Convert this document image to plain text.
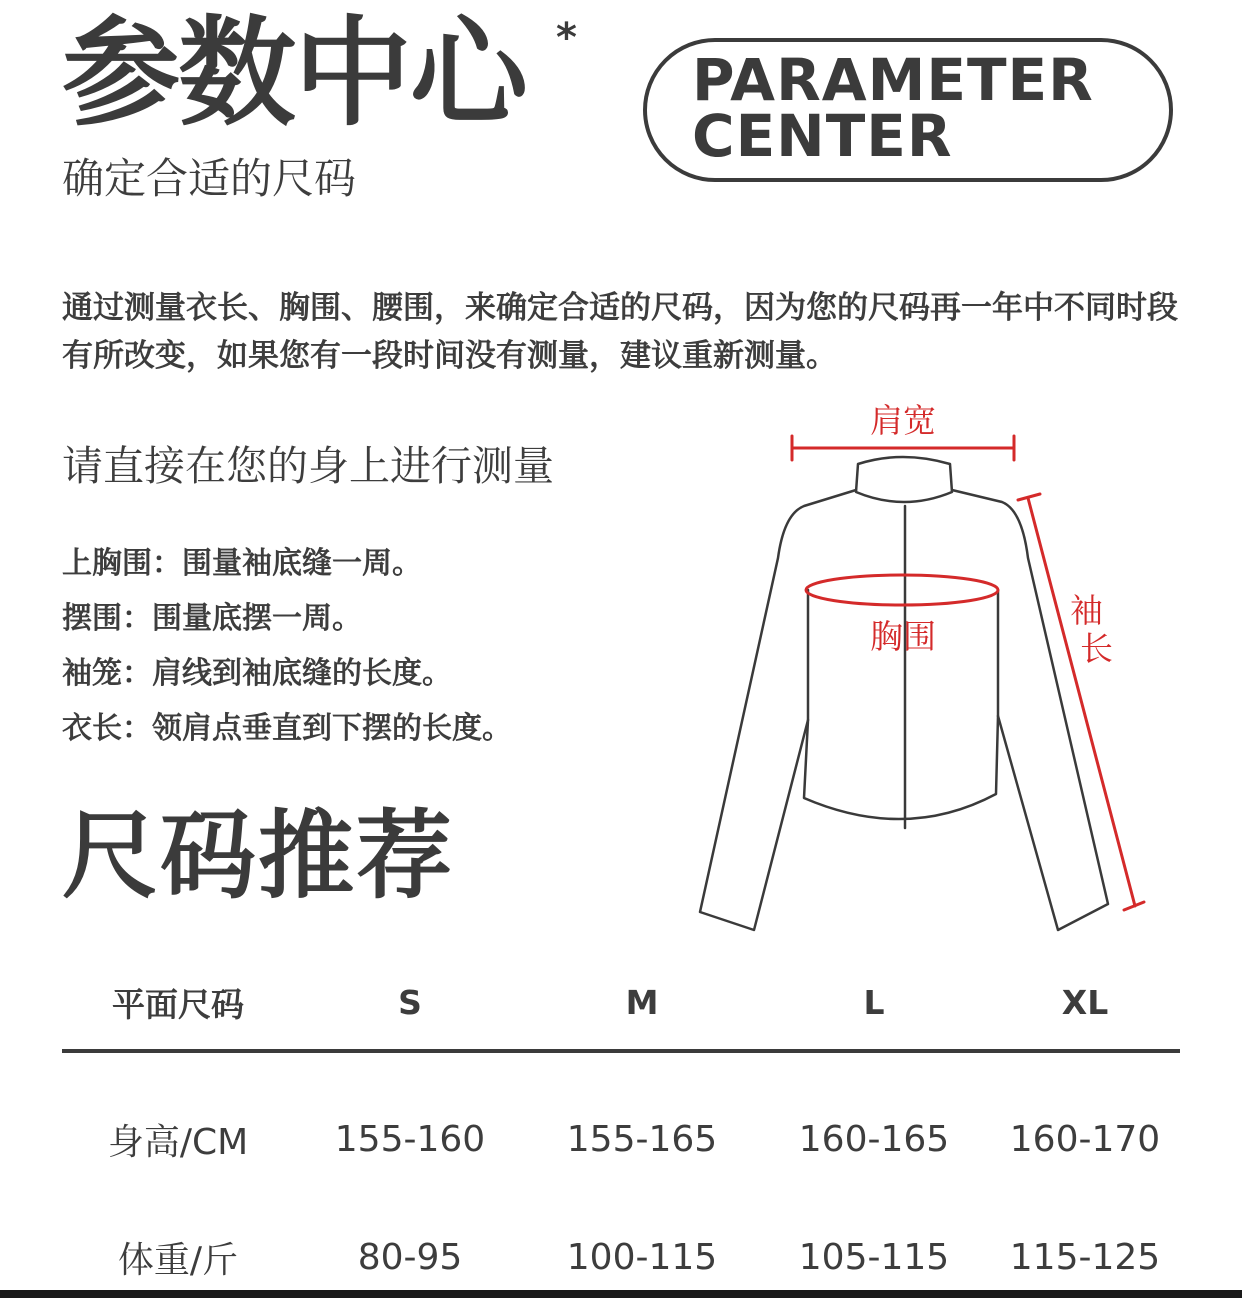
参数中心 *
确定合适的尺码
PARAMETER
CENTER
通过测量衣长、胸围、腰围，来确定合适的尺码，因为您的尺码再一年中不同时段有所改变，如果您有一段时间没有测量，建议重新测量。
请直接在您的身上进行测量
上胸围：围量袖底缝一周。
摆围：围量底摆一周。
袖笼：肩线到袖底缝的长度。
衣长：领肩点垂直到下摆的长度。
尺码推荐
肩宽
胸围
袖
长
平面尺码	S	M	L	XL
身高/CM	155-160	155-165	160-165	160-170
体重/斤	80-95	100-115	105-115	115-125
